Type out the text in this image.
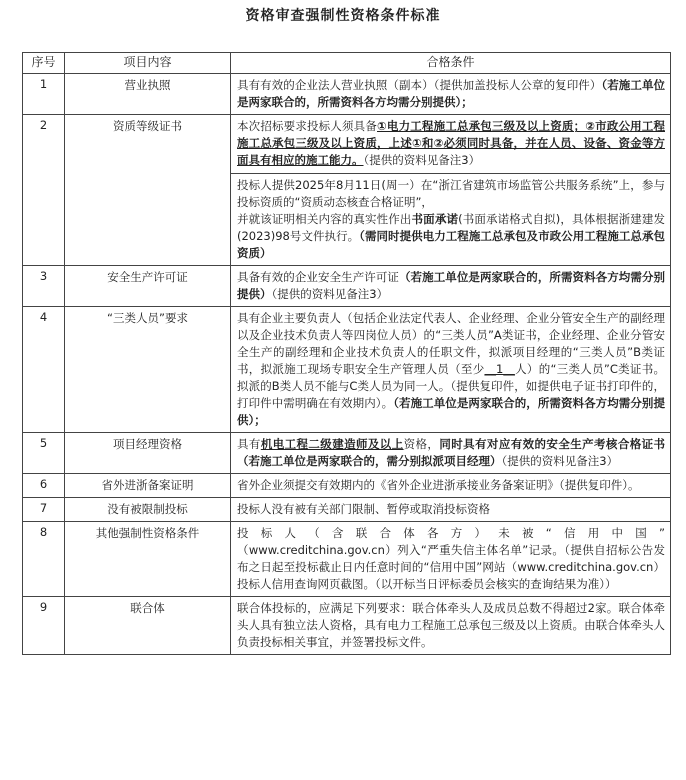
资格审查强制性资格条件标准
序号	项目内容	合格条件
1	营业执照	具有有效的企业法人营业执照（副本）（提供加盖投标人公章的复印件）（若施工单位是两家联合的，所需资料各方均需分别提供）；
2	资质等级证书	本次招标要求投标人须具备①电力工程施工总承包三级及以上资质；②市政公用工程施工总承包三级及以上资质，上述①和②必须同时具备，并在人员、设备、资金等方面具有相应的施工能力。（提供的资料见备注3）
投标人提供2025年8月11日(周一）在“浙江省建筑市场监管公共服务系统”上，参与投标资质的“资质动态核查合格证明”，
并就该证明相关内容的真实性作出书面承诺(书面承诺格式自拟)，具体根据浙建建发(2023)98号文件执行。（需同时提供电力工程施工总承包及市政公用工程施工总承包资质）

3	安全生产许可证	具备有效的企业安全生产许可证（若施工单位是两家联合的，所需资料各方均需分别提供）（提供的资料见备注3）
4	“三类人员”要求	具有企业主要负责人（包括企业法定代表人、企业经理、企业分管安全生产的副经理以及企业技术负责人等四岗位人员）的“三类人员”A类证书，企业经理、企业分管安全生产的副经理和企业技术负责人的任职文件，拟派项目经理的“三类人员”B类证书，拟派施工现场专职安全生产管理人员（至少__1__人）的“三类人员”C类证书。拟派的B类人员不能与C类人员为同一人。（提供复印件，如提供电子证书打印件的，打印件中需明确在有效期内）。（若施工单位是两家联合的，所需资料各方均需分别提供）；
5	项目经理资格	具有机电工程二级建造师及以上资格，同时具有对应有效的安全生产考核合格证书（若施工单位是两家联合的，需分别拟派项目经理）（提供的资料见备注3）
6	省外进浙备案证明	省外企业须提交有效期内的《省外企业进浙承接业务备案证明》（提供复印件）。
7	没有被限制投标	投标人没有被有关部门限制、暂停或取消投标资格
8	其他强制性资格条件	投标人（含联合体各方）未被“信用中国”
（www.creditchina.gov.cn）列入“严重失信主体名单”记录。（提供自招标公告发布之日起至投标截止日内任意时间的“信用中国”网站（www.creditchina.gov.cn）投标人信用查询网页截图。（以开标当日评标委员会核实的查询结果为准））

9	联合体	联合体投标的，应满足下列要求：联合体牵头人及成员总数不得超过2家。联合体牵头人具有独立法人资格，具有电力工程施工总承包三级及以上资质。由联合体牵头人负责投标相关事宜，并签署投标文件。
